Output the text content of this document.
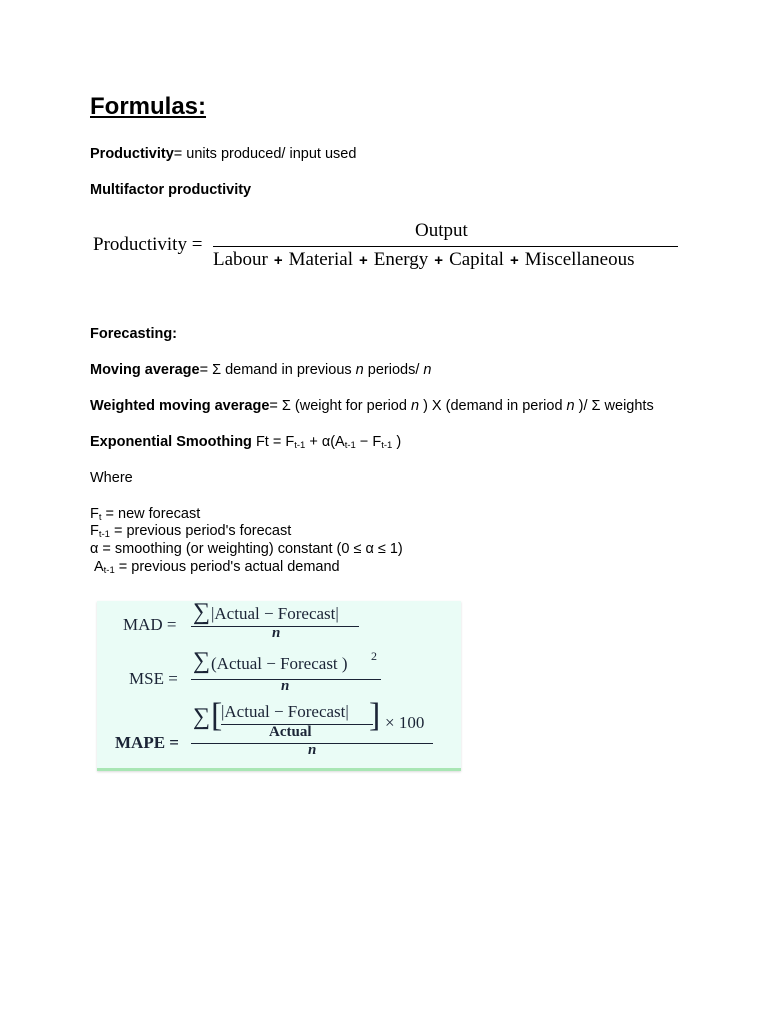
Formulas:
Productivity= units produced/ input used
Multifactor productivity
Productivity =
Output
Labour + Material + Energy + Capital + Miscellaneous
Forecasting:
Moving average= Σ demand in previous n periods/ n
Weighted moving average= Σ (weight for period n ) X (demand in period n )/ Σ weights
Exponential Smoothing $Ft = F_{t-1} + \alpha(A_{t-1} - F_{t-1}$ )
Where
$F_t$ = new forecast
$F_{t-1}$ = previous period's forecast
α = smoothing (or weighting) constant (0 ≤ α ≤ 1)
$A_{t-1}$ = previous period's actual demand
MAD = ∑ |Actual − Forecast|
n
MSE =
∑ (Actual − Forecast ) 2
n
MAPE =
∑ [
|Actual − Forecast|
Actual ] × 100
n
